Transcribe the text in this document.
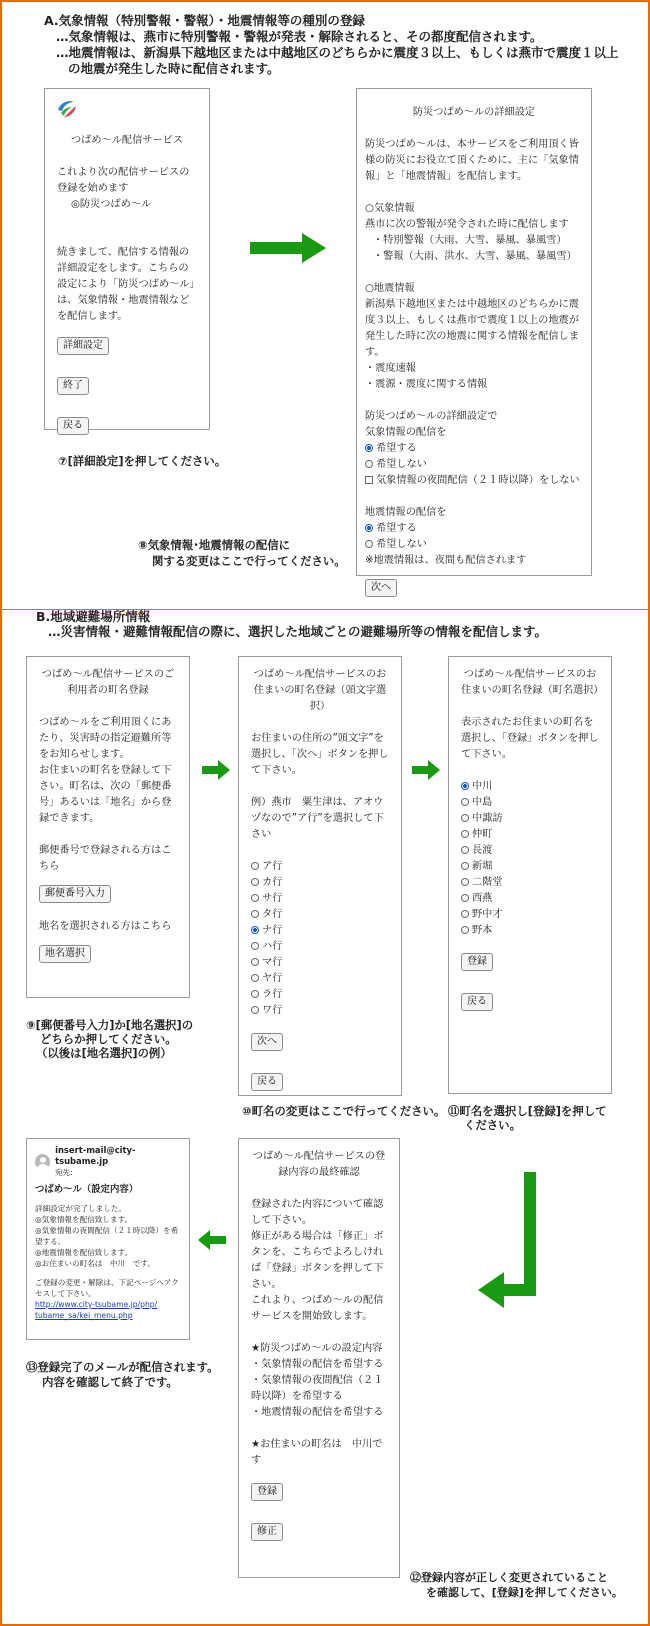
A.気象情報（特別警報・警報）・地震情報等の種別の登録
…気象情報は、燕市に特別警報・警報が発表・解除されると、その都度配信されます。
…地震情報は、新潟県下越地区または中越地区のどちらかに震度３以上、もしくは燕市で震度１以上
の地震が発生した時に配信されます。
つばめ～ル配信サービス
これより次の配信サービスの登録を始めます
◎防災つばめ～ル
続きまして、配信する情報の詳細設定をします。こちらの設定により「防災つばめ～ル」は、気象情報・地震情報などを配信します。
詳細設定
終了
戻る
⑦[詳細設定]を押してください。
⑧気象情報･地震情報の配信に
関する変更はここで行ってください。
防災つばめ～ルの詳細設定
防災つばめ～ルは、本サービスをご利用頂く皆様の防災にお役立て頂くために、主に「気象情報」と「地震情報」を配信します。
○気象情報
燕市に次の警報が発令された時に配信します
・特別警報（大雨、大雪、暴風、暴風雪）
・警報（大雨、洪水、大雪、暴風、暴風雪）
○地震情報
新潟県下越地区または中越地区のどちらかに震度３以上、もしくは燕市で震度１以上の地震が発生した時に次の地震に関する情報を配信します。
・震度速報
・震源・震度に関する情報
防災つばめ～ルの詳細設定で
気象情報の配信を
希望する
希望しない
気象情報の夜間配信（２１時以降）をしない
地震情報の配信を
希望する
希望しない
※地震情報は、夜間も配信されます
次へ
B.地域避難場所情報
…災害情報・避難情報配信の際に、選択した地域ごとの避難場所等の情報を配信します。
つばめ～ル配信サービスのご利用者の町名登録
つばめ～ルをご利用頂くにあたり、災害時の指定避難所等をお知らせします。
お住まいの町名を登録して下さい。町名は、次の「郵便番号」あるいは「地名」から登録できます。
郵便番号で登録される方はこちら
郵便番号入力
地名を選択される方はこちら
地名選択
⑨[郵便番号入力]か[地名選択]の
どちらか押してください。
（以後は[地名選択]の例）
つばめ～ル配信サービスのお住まいの町名登録（頭文字選択）
お住まいの住所の”頭文字”を選択し、「次へ」ボタンを押して下さい。
例）燕市　粟生津は、アオウヅなので”ア行”を選択して下さい
ア行
カ行
サ行
タ行
ナ行
ハ行
マ行
ヤ行
ラ行
ワ行
次へ
戻る
⑩町名の変更はここで行ってください。
つばめ～ル配信サービスのお住まいの町名登録（町名選択）
表示されたお住まいの町名を選択し、「登録」ボタンを押して下さい。
中川
中島
中諏訪
仲町
長渡
新堀
二階堂
西燕
野中才
野本
登録
戻る
⑪町名を選択し[登録]を押して
ください。
insert-mail@city-tsubame.jp
宛先:
つばめ～ル（設定内容）
詳細設定が完了しました。
◎気象情報を配信致します。
◎気象情報の夜間配信（２１時以降）を希望する。
◎地震情報を配信致します。
◎お住まいの町名は　中川　です。
ご登録の変更・解除は、下記ページへアクセスして下さい。
http://www.city-tsubame.jp/php/
tubame_sa/kei_menu.php
⑬登録完了のメールが配信されます。
内容を確認して終了です。
つばめ～ル配信サービスの登録内容の最終確認
登録された内容について確認して下さい。
修正がある場合は「修正」ボタンを、こちらでよろしければ「登録」ボタンを押して下さい。
これより、つばめ～ルの配信サービスを開始致します。
★防災つばめ～ルの設定内容
・気象情報の配信を希望する
・気象情報の夜間配信（２１時以降）を希望する
・地震情報の配信を希望する
★お住まいの町名は　中川です
登録
修正
⑫登録内容が正しく変更されていること
を確認して、[登録]を押してください。
